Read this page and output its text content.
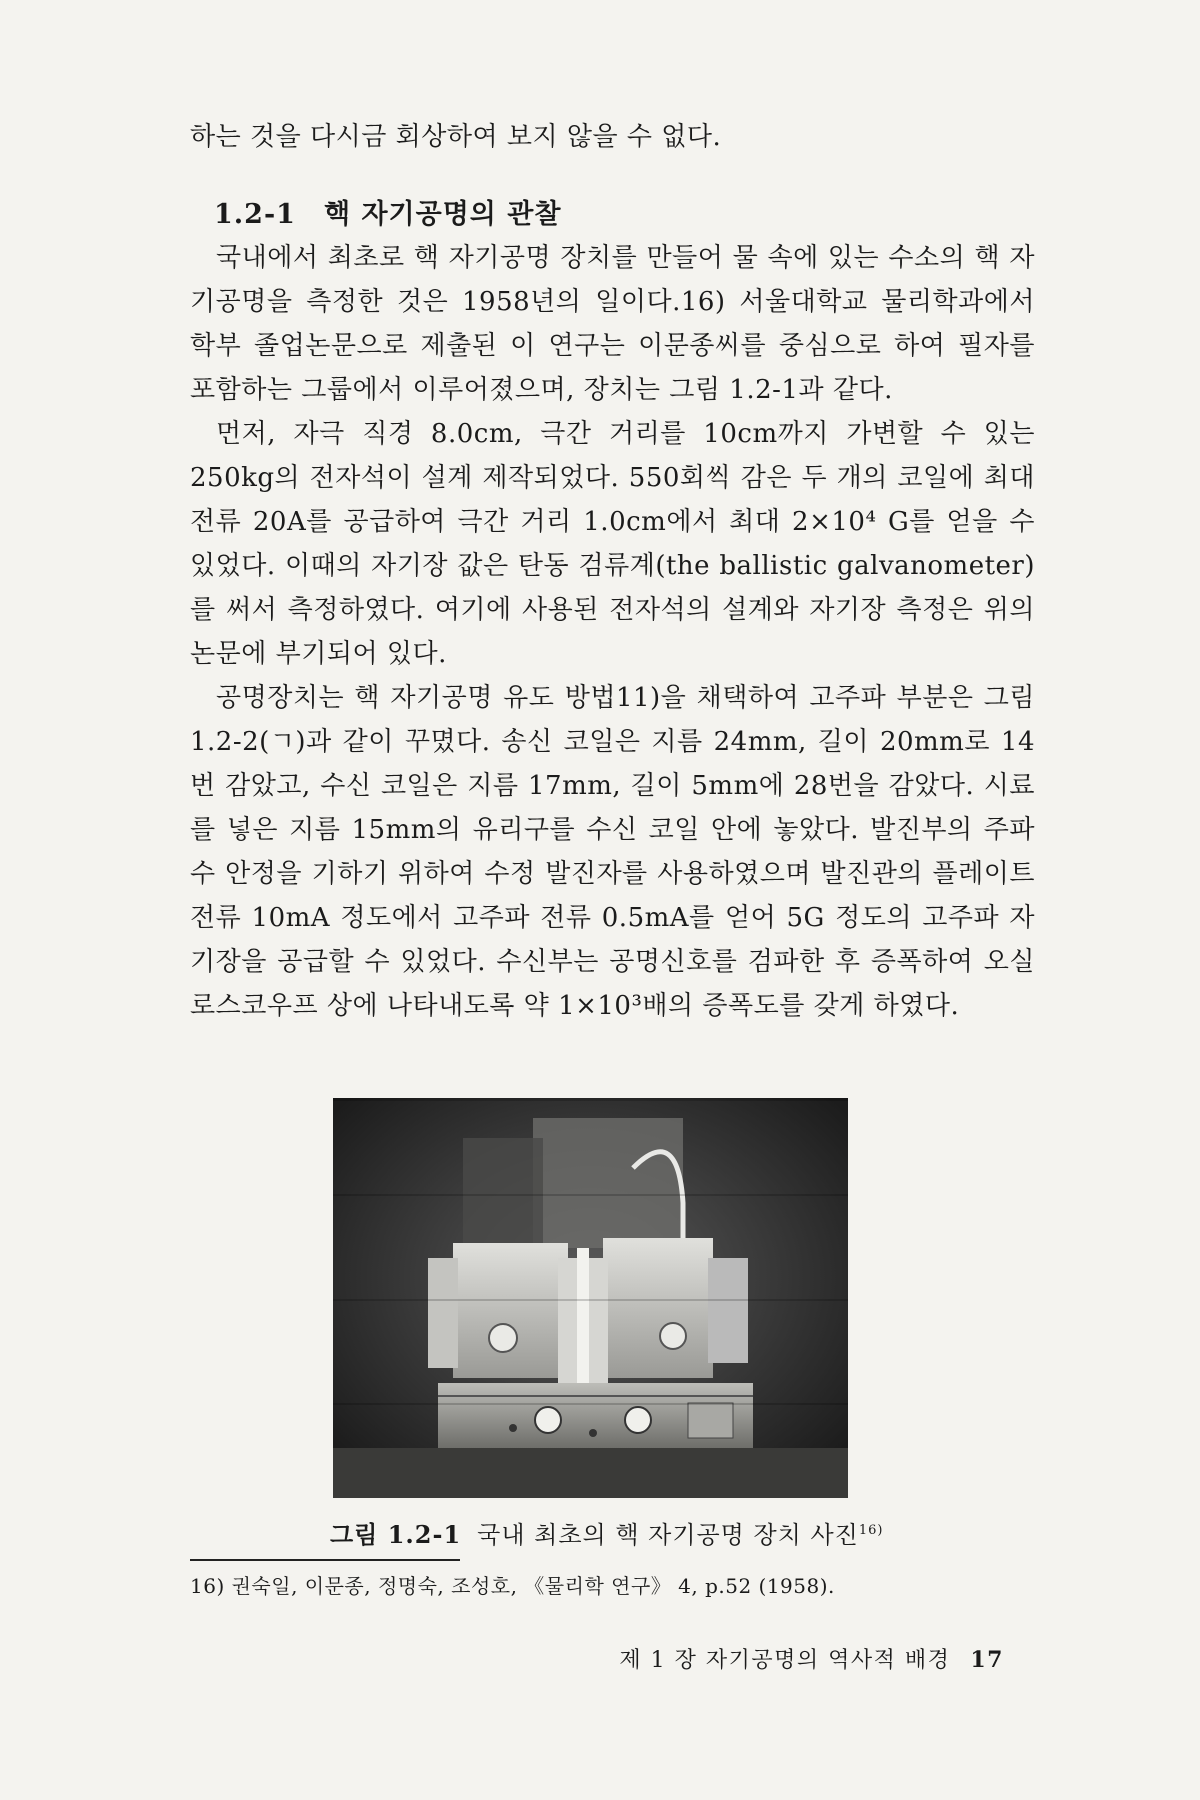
하는 것을 다시금 회상하여 보지 않을 수 없다.
1.2-1 핵 자기공명의 관찰

국내에서 최초로 핵 자기공명 장치를 만들어 물 속에 있는 수소의 핵 자기공명을 측정한 것은 1958년의 일이다.16) 서울대학교 물리학과에서 학부 졸업논문으로 제출된 이 연구는 이문종씨를 중심으로 하여 필자를 포함하는 그룹에서 이루어졌으며, 장치는 그림 1.2-1과 같다.

먼저, 자극 직경 8.0cm, 극간 거리를 10cm까지 가변할 수 있는 250kg의 전자석이 설계 제작되었다. 550회씩 감은 두 개의 코일에 최대 전류 20A를 공급하여 극간 거리 1.0cm에서 최대 2×10⁴ G를 얻을 수 있었다. 이때의 자기장 값은 탄동 검류계(the ballistic galvanometer)를 써서 측정하였다. 여기에 사용된 전자석의 설계와 자기장 측정은 위의 논문에 부기되어 있다.

공명장치는 핵 자기공명 유도 방법11)을 채택하여 고주파 부분은 그림 1.2-2(ㄱ)과 같이 꾸몄다. 송신 코일은 지름 24mm, 길이 20mm로 14번 감았고, 수신 코일은 지름 17mm, 길이 5mm에 28번을 감았다. 시료를 넣은 지름 15mm의 유리구를 수신 코일 안에 놓았다. 발진부의 주파수 안정을 기하기 위하여 수정 발진자를 사용하였으며 발진관의 플레이트 전류 10mA 정도에서 고주파 전류 0.5mA를 얻어 5G 정도의 고주파 자기장을 공급할 수 있었다. 수신부는 공명신호를 검파한 후 증폭하여 오실로스코우프 상에 나타내도록 약 1×10³배의 증폭도를 갖게 하였다.

그림 1.2-1 국내 최초의 핵 자기공명 장치 사진$^{16)}$
16) 권숙일, 이문종, 정명숙, 조성호, 《물리학 연구》 4, p.52 (1958).
제 1 장 자기공명의 역사적 배경 17
